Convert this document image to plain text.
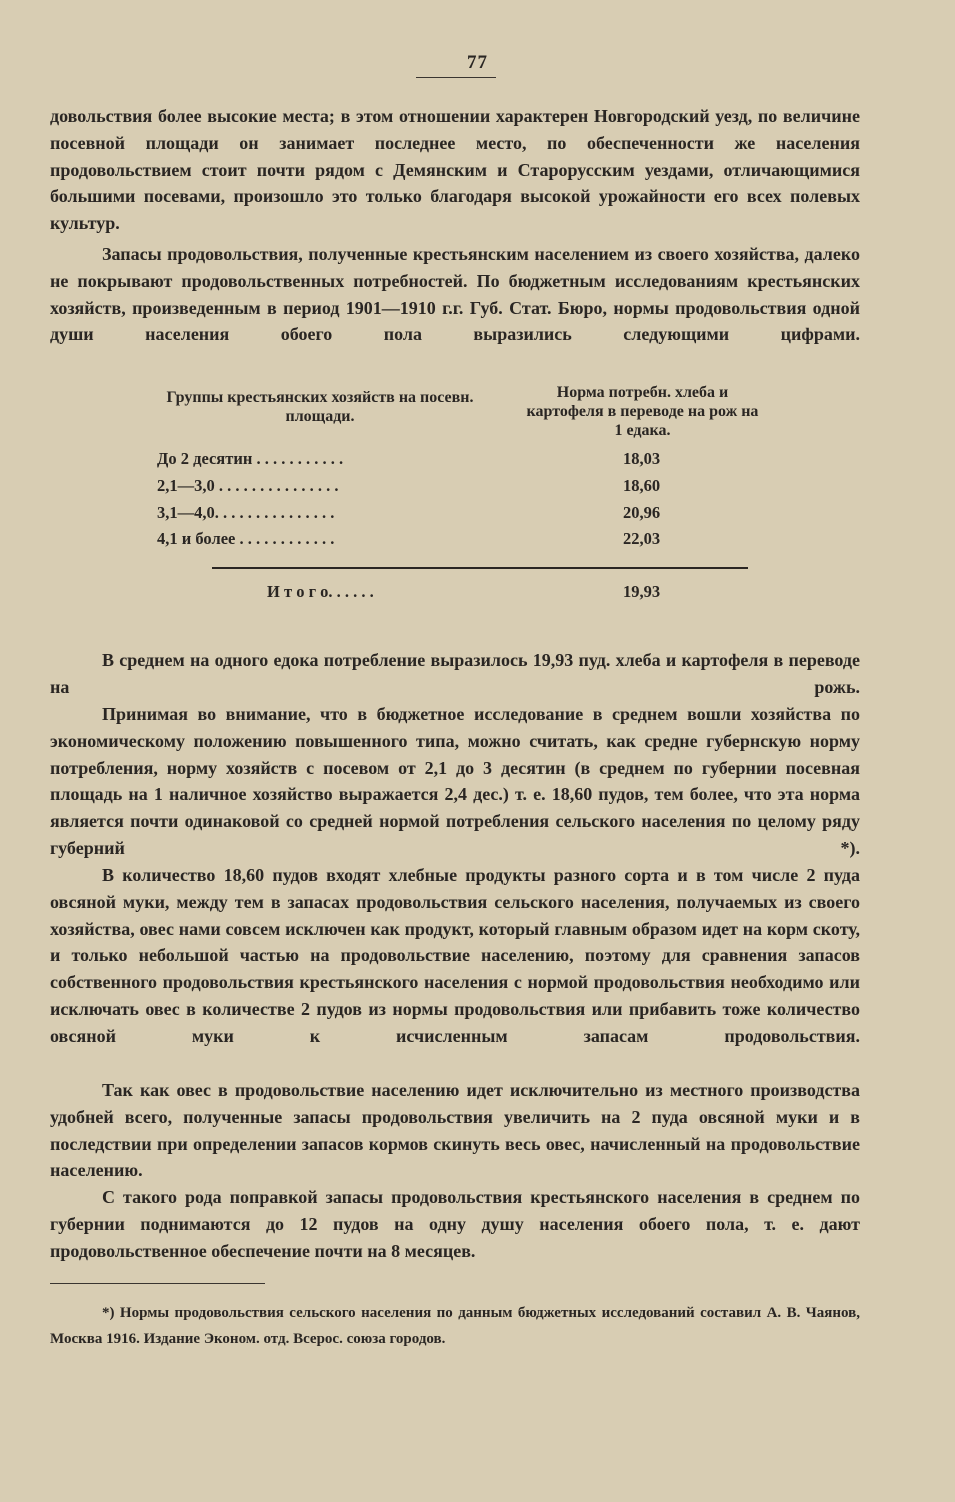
77

довольствия более высокие места; в этом отношении характерен Новгородский уезд, по величине посевной площади он занимает последнее место, по обеспеченности же населения продовольствием стоит почти рядом с Демянским и Старорусским уездами, отличающимися большими посевами, произошло это только благодаря высокой урожайности его всех полевых культур.

Запасы продовольствия, полученные крестьянским населением из своего хозяйства, далеко не покрывают продовольственных потребностей. По бюджетным исследованиям крестьянских хозяйств, произведенным в период 1901—1910 г.г. Губ. Стат. Бюро, нормы продовольствия одной души населения обоего пола выразились следующими цифрами.

Группы крестьянских хозяйств на посевн. площади.
Норма потребн. хлеба и картофеля в переводе на рож на 1 едака.
До 2 десятин . . . . . . . . . . .	18,03
2,1—3,0 . . . . . . . . . . . . . . .	18,60
3,1—4,0. . . . . . . . . . . . . . .	20,96
4,1 и более . . . . . . . . . . . .	22,03
И т о г о. . . . . .	19,93

В среднем на одного едока потребление выразилось 19,93 пуд. хлеба и картофеля в переводе на рожь.

Принимая во внимание, что в бюджетное исследование в среднем вошли хозяйства по экономическому положению повышенного типа, можно считать, как средне губернскую норму потребления, норму хозяйств с посевом от 2,1 до 3 десятин (в среднем по губернии посевная площадь на 1 наличное хозяйство выражается 2,4 дес.) т. е. 18,60 пудов, тем более, что эта норма является почти одинаковой со средней нормой потребления сельского населения по целому ряду губерний *).

В количество 18,60 пудов входят хлебные продукты разного сорта и в том числе 2 пуда овсяной муки, между тем в запасах продовольствия сельского населения, получаемых из своего хозяйства, овес нами совсем исключен как продукт, который главным образом идет на корм скоту, и только небольшой частью на продовольствие населению, поэтому для сравнения запасов собственного продовольствия крестьянского населения с нормой продовольствия необходимо или исключать овес в количестве 2 пудов из нормы продовольствия или прибавить тоже количество овсяной муки к исчисленным запасам продовольствия.

Так как овес в продовольствие населению идет исключительно из местного производства удобней всего, полученные запасы продовольствия увеличить на 2 пуда овсяной муки и в последствии при определении запасов кормов скинуть весь овес, начисленный на продовольствие населению.

С такого рода поправкой запасы продовольствия крестьянского населения в среднем по губернии поднимаются до 12 пудов на одну душу населения обоего пола, т. е. дают продовольственное обеспечение почти на 8 месяцев.

*) Нормы продовольствия сельского населения по данным бюджетных исследований составил А. В. Чаянов, Москва 1916. Издание Эконом. отд. Всерос. союза городов.
